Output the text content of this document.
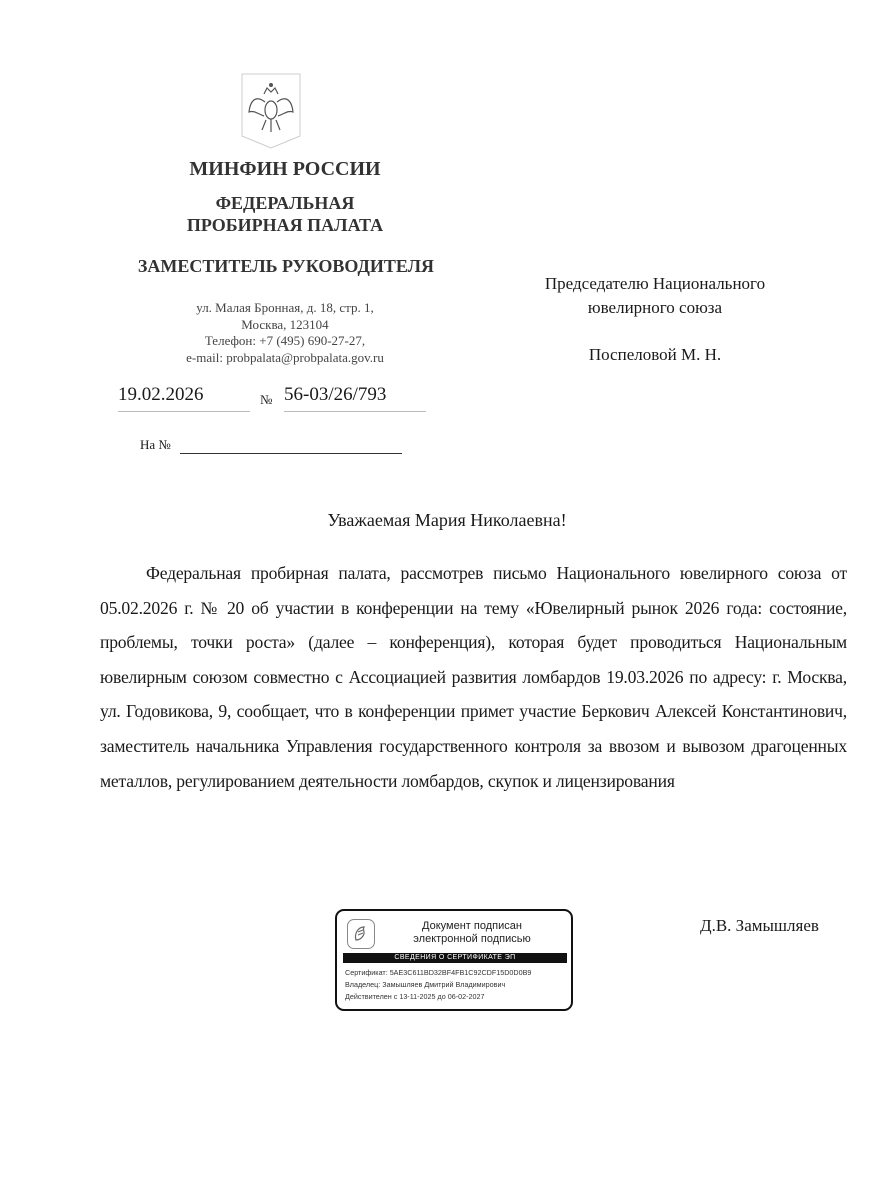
МИНФИН РОССИИ
ФЕДЕРАЛЬНАЯ
ПРОБИРНАЯ ПАЛАТА
ЗАМЕСТИТЕЛЬ РУКОВОДИТЕЛЯ
ул. Малая Бронная, д. 18, стр. 1,
Москва, 123104
Телефон: +7 (495) 690-27-27,
e-mail: probpalata@probpalata.gov.ru
19.02.2026	№ 56-03/26/793
На №
Председателю Национального
ювелирного союза
Поспеловой М. Н.
Уважаемая Мария Николаевна!
Федеральная пробирная палата, рассмотрев письмо Национального ювелирного союза от 05.02.2026 г. № 20 об участии в конференции на тему «Ювелирный рынок 2026 года: состояние, проблемы, точки роста» (далее – конференция), которая будет проводиться Национальным ювелирным союзом совместно с Ассоциацией развития ломбардов 19.03.2026 по адресу: г. Москва, ул. Годовикова, 9, сообщает, что в конференции примет участие Беркович Алексей Константинович, заместитель начальника Управления государственного контроля за ввозом и вывозом драгоценных металлов, регулированием деятельности ломбардов, скупок и лицензирования
Документ подписан
электронной подписью
СВЕДЕНИЯ О СЕРТИФИКАТЕ ЭП
Сертификат: 5AE3C611BD32BF4FB1C92CDF15D0D0B9
Владелец: Замышляев Дмитрий Владимирович
Действителен с 13-11-2025 до 06-02-2027
Д.В. Замышляев
